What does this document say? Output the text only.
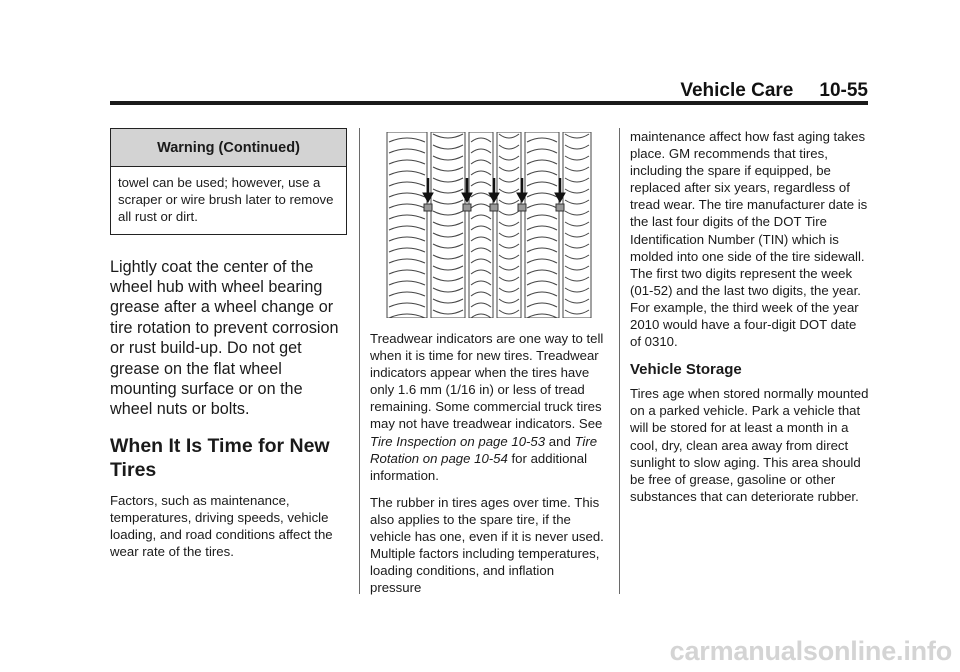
Vehicle Care 10-55
Warning (Continued)
towel can be used; however, use a scraper or wire brush later to remove all rust or dirt.

Lightly coat the center of the wheel hub with wheel bearing grease after a wheel change or tire rotation to prevent corrosion or rust build-up. Do not get grease on the flat wheel mounting surface or on the wheel nuts or bolts.

When It Is Time for New Tires

Factors, such as maintenance, temperatures, driving speeds, vehicle loading, and road conditions affect the wear rate of the tires.

Treadwear indicators are one way to tell when it is time for new tires. Treadwear indicators appear when the tires have only 1.6 mm (1/16 in) or less of tread remaining. Some commercial truck tires may not have treadwear indicators. See Tire Inspection on page 10-53 and Tire Rotation on page 10-54 for additional information.

The rubber in tires ages over time. This also applies to the spare tire, if the vehicle has one, even if it is never used. Multiple factors including temperatures, loading conditions, and inflation pressure

maintenance affect how fast aging takes place. GM recommends that tires, including the spare if equipped, be replaced after six years, regardless of tread wear. The tire manufacturer date is the last four digits of the DOT Tire Identification Number (TIN) which is molded into one side of the tire sidewall. The first two digits represent the week (01-52) and the last two digits, the year. For example, the third week of the year 2010 would have a four-digit DOT date of 0310.

Vehicle Storage

Tires age when stored normally mounted on a parked vehicle. Park a vehicle that will be stored for at least a month in a cool, dry, clean area away from direct sunlight to slow aging. This area should be free of grease, gasoline or other substances that can deteriorate rubber.

carmanualsonline.info
